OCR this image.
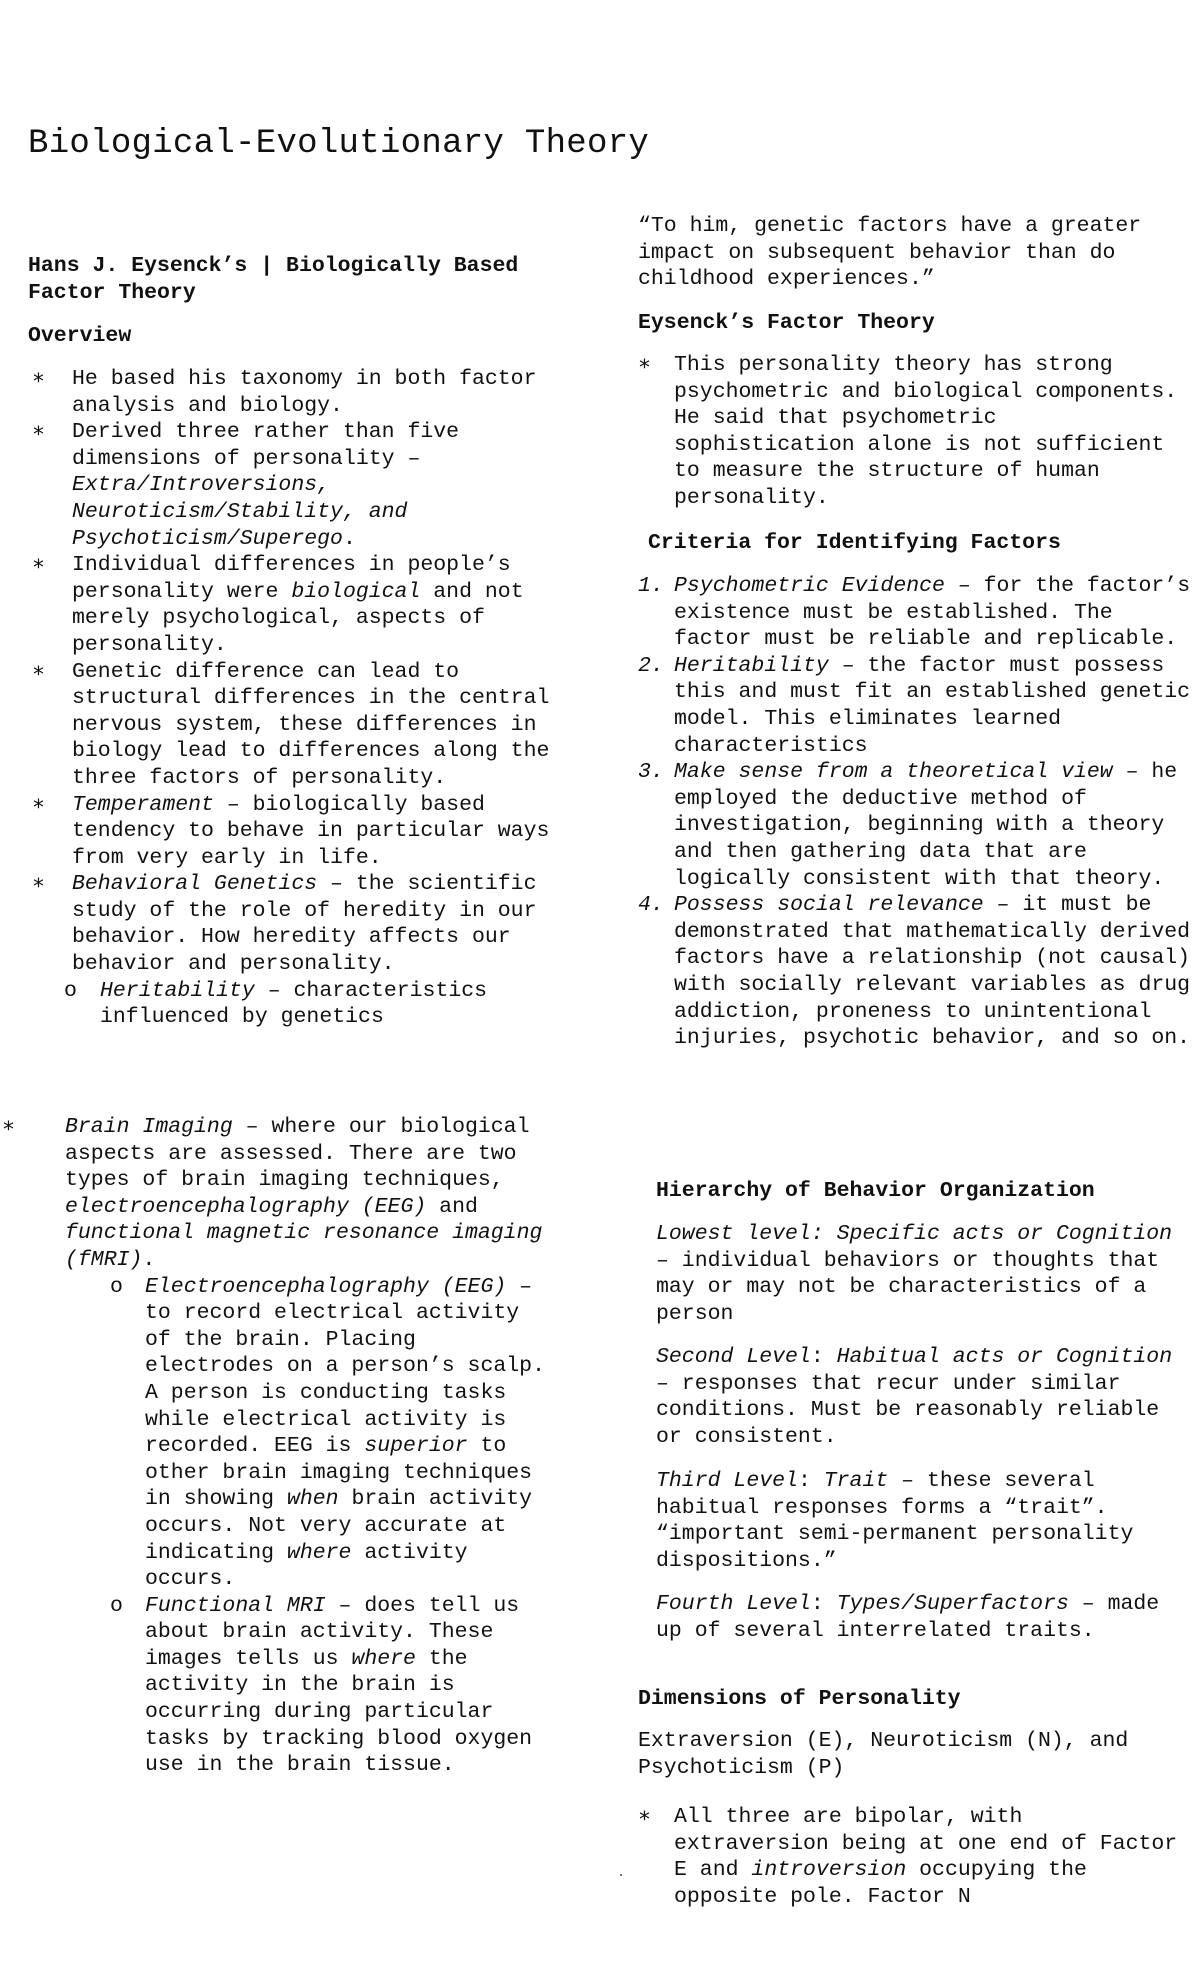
Biological-Evolutionary Theory
Hans J. Eysenck’s | Biologically Based Factor Theory
Overview
∗ He based his taxonomy in both factor analysis and biology.
∗ Derived three rather than five dimensions of personality – Extra/Introversions, Neuroticism/Stability, and Psychoticism/Superego.
∗ Individual differences in people’s personality were biological and not merely psychological, aspects of personality.
∗ Genetic difference can lead to structural differences in the central nervous system, these differences in biology lead to differences along the three factors of personality.
∗ Temperament – biologically based tendency to behave in particular ways from very early in life.
∗ Behavioral Genetics – the scientific study of the role of heredity in our behavior. How heredity affects our behavior and personality.
o Heritability – characteristics influenced by genetics
∗ Brain Imaging – where our biological aspects are assessed. There are two types of brain imaging techniques, electroencephalography (EEG) and functional magnetic resonance imaging (fMRI).
o Electroencephalography (EEG) – to record electrical activity of the brain. Placing electrodes on a person’s scalp. A person is conducting tasks while electrical activity is recorded. EEG is superior to other brain imaging techniques in showing when brain activity occurs. Not very accurate at indicating where activity occurs.
o Functional MRI – does tell us about brain activity. These images tells us where the activity in the brain is occurring during particular tasks by tracking blood oxygen use in the brain tissue.

“To him, genetic factors have a greater impact on subsequent behavior than do childhood experiences.”

Eysenck’s Factor Theory
∗ This personality theory has strong psychometric and biological components. He said that psychometric sophistication alone is not sufficient to measure the structure of human personality.
Criteria for Identifying Factors
1. Psychometric Evidence – for the factor’s existence must be established. The factor must be reliable and replicable.
2. Heritability – the factor must possess this and must fit an established genetic model. This eliminates learned characteristics
3. Make sense from a theoretical view – he employed the deductive method of investigation, beginning with a theory and then gathering data that are logically consistent with that theory.
4. Possess social relevance – it must be demonstrated that mathematically derived factors have a relationship (not causal) with socially relevant variables as drug addiction, proneness to unintentional injuries, psychotic behavior, and so on.
Hierarchy of Behavior Organization

Lowest level: Specific acts or Cognition – individual behaviors or thoughts that may or may not be characteristics of a person

Second Level: Habitual acts or Cognition – responses that recur under similar conditions. Must be reasonably reliable or consistent.

Third Level: Trait – these several habitual responses forms a “trait”. “important semi-permanent personality dispositions.”

Fourth Level: Types/Superfactors – made up of several interrelated traits.

Dimensions of Personality

Extraversion (E), Neuroticism (N), and Psychoticism (P)

∗ All three are bipolar, with extraversion being at one end of Factor E and introversion occupying the opposite pole. Factor N
